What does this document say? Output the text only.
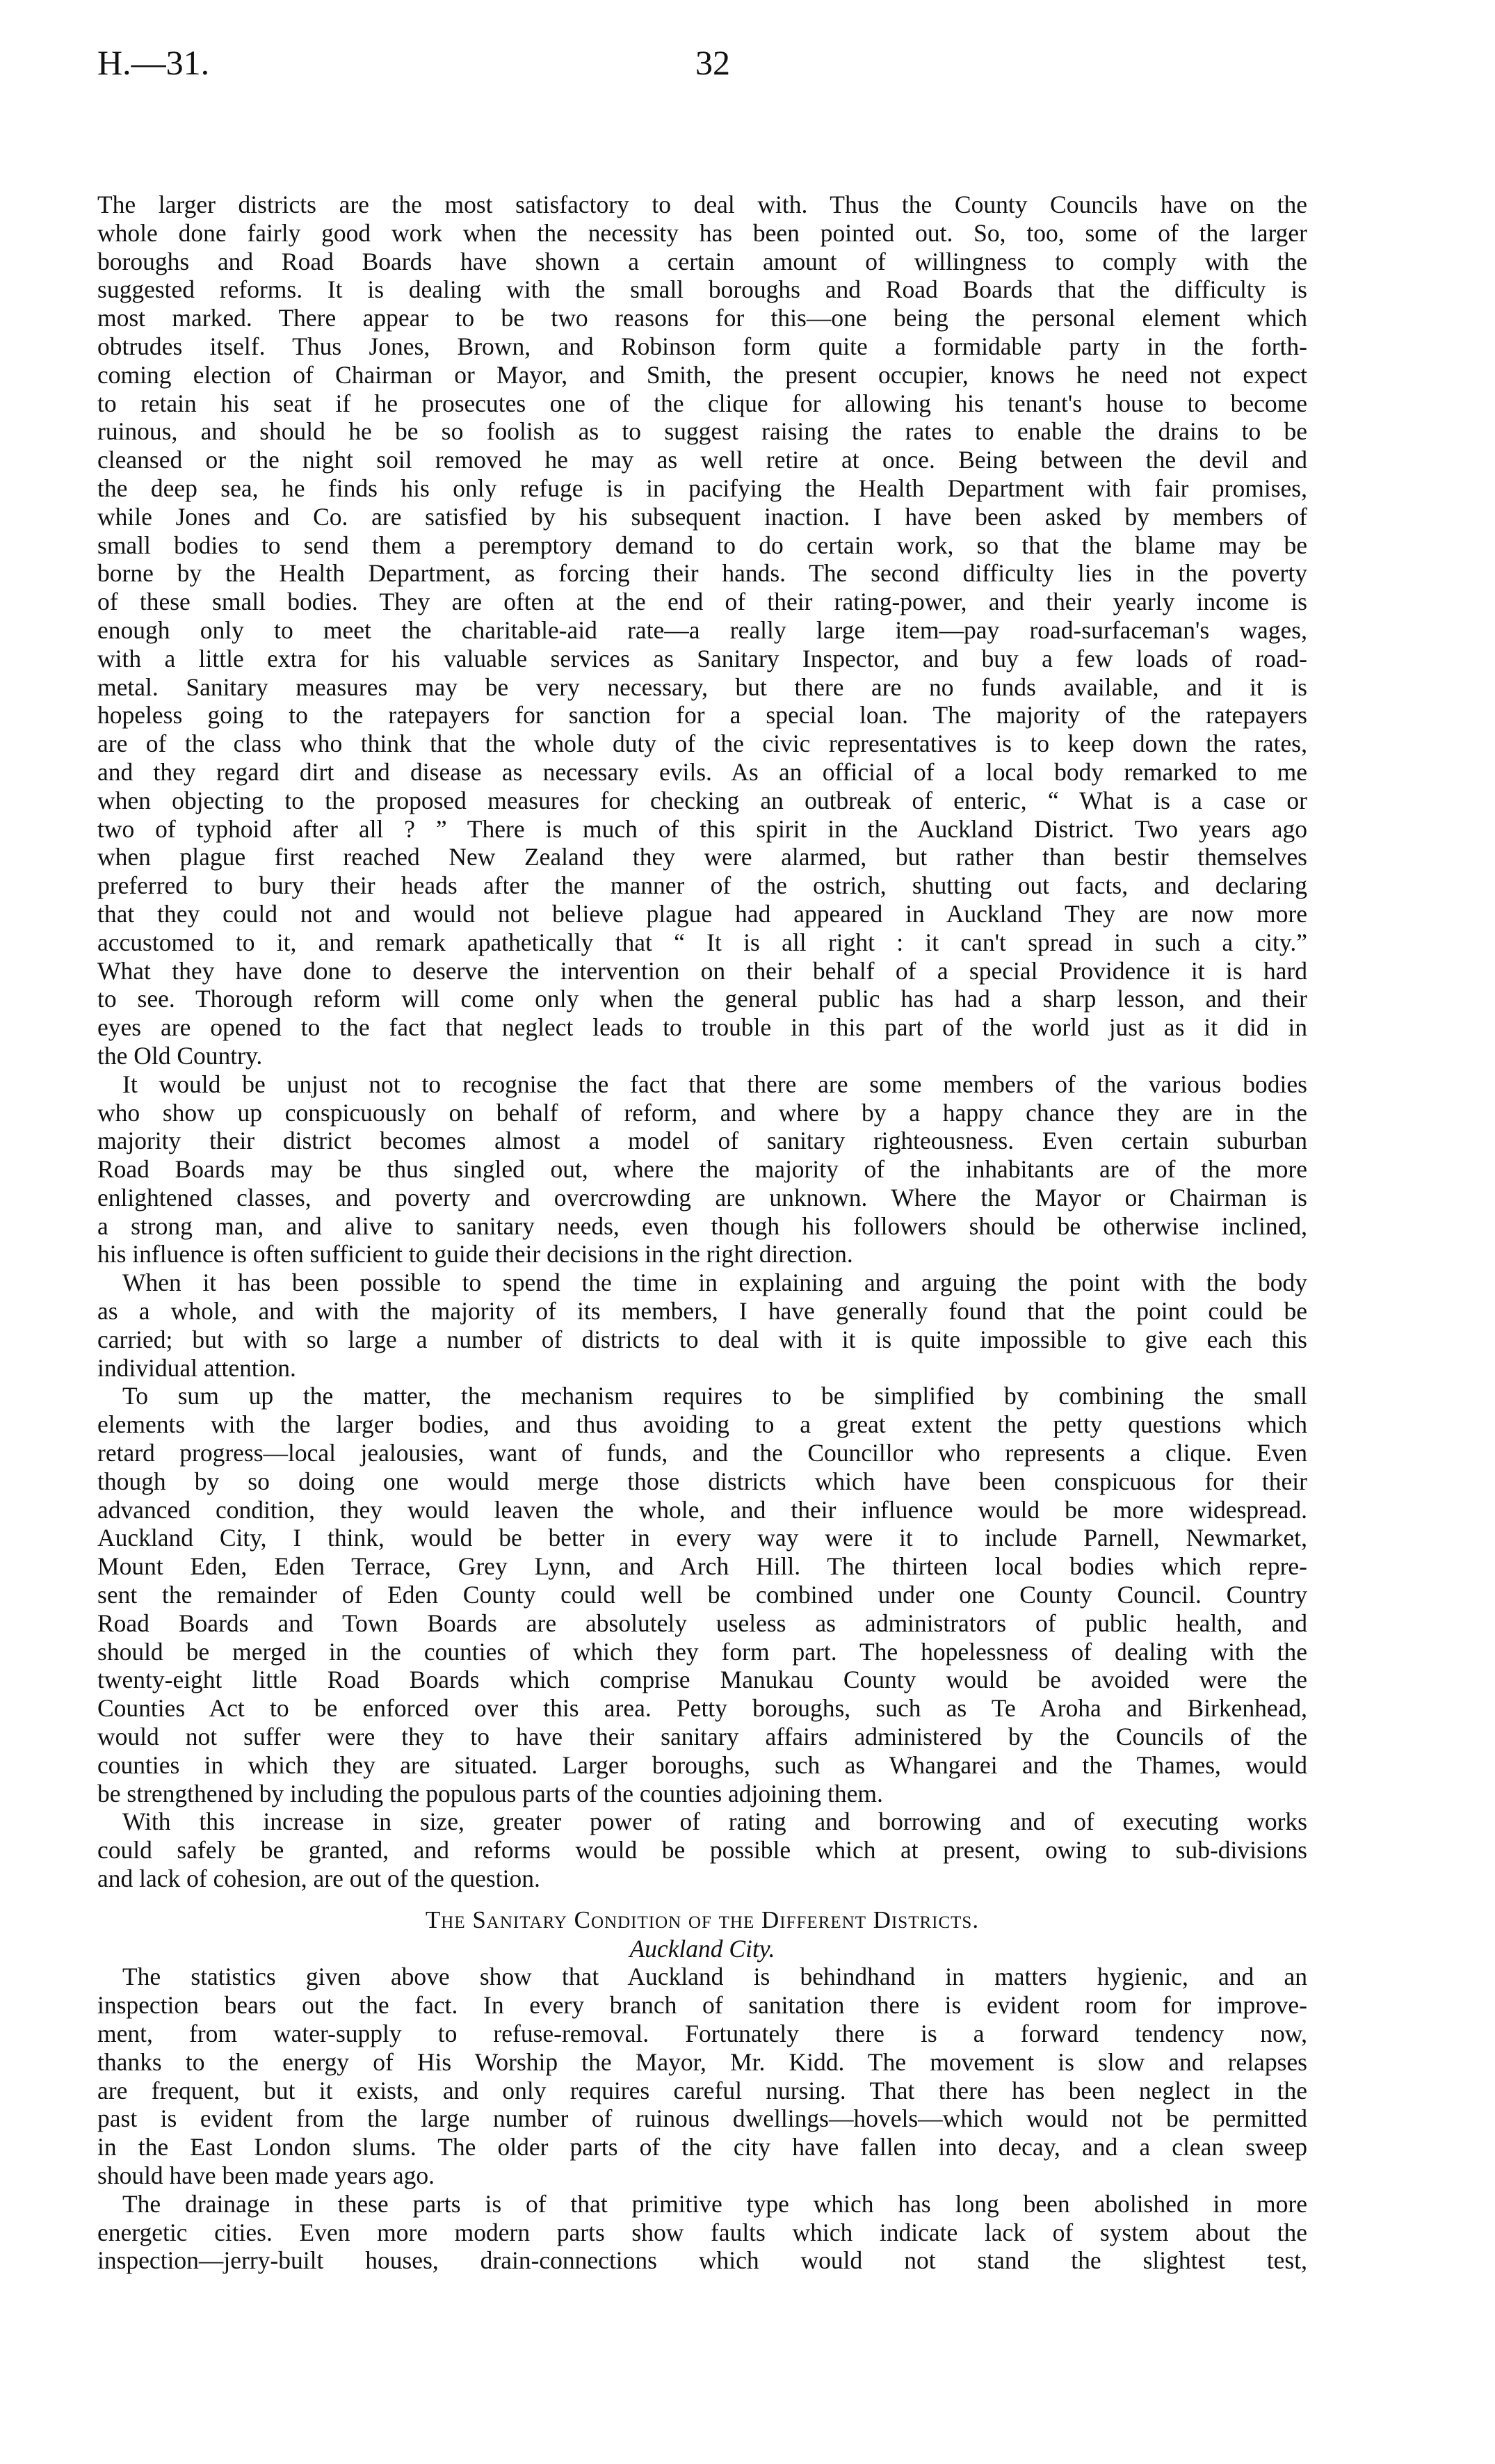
H.—31.	32
The larger districts are the most satisfactory to deal with. Thus the County Councils have on the
whole done fairly good work when the necessity has been pointed out. So, too, some of the larger
boroughs and Road Boards have shown a certain amount of willingness to comply with the
suggested reforms. It is dealing with the small boroughs and Road Boards that the difficulty is
most marked. There appear to be two reasons for this—one being the personal element which
obtrudes itself. Thus Jones, Brown, and Robinson form quite a formidable party in the forth-
coming election of Chairman or Mayor, and Smith, the present occupier, knows he need not expect
to retain his seat if he prosecutes one of the clique for allowing his tenant's house to become
ruinous, and should he be so foolish as to suggest raising the rates to enable the drains to be
cleansed or the night soil removed he may as well retire at once. Being between the devil and
the deep sea, he finds his only refuge is in pacifying the Health Department with fair promises,
while Jones and Co. are satisfied by his subsequent inaction. I have been asked by members of
small bodies to send them a peremptory demand to do certain work, so that the blame may be
borne by the Health Department, as forcing their hands. The second difficulty lies in the poverty
of these small bodies. They are often at the end of their rating-power, and their yearly income is
enough only to meet the charitable-aid rate—a really large item—pay road-surfaceman's wages,
with a little extra for his valuable services as Sanitary Inspector, and buy a few loads of road-
metal. Sanitary measures may be very necessary, but there are no funds available, and it is
hopeless going to the ratepayers for sanction for a special loan. The majority of the ratepayers
are of the class who think that the whole duty of the civic representatives is to keep down the rates,
and they regard dirt and disease as necessary evils. As an official of a local body remarked to me
when objecting to the proposed measures for checking an outbreak of enteric, “ What is a case or
two of typhoid after all ? ” There is much of this spirit in the Auckland District. Two years ago
when plague first reached New Zealand they were alarmed, but rather than bestir themselves
preferred to bury their heads after the manner of the ostrich, shutting out facts, and declaring
that they could not and would not believe plague had appeared in Auckland They are now more
accustomed to it, and remark apathetically that “ It is all right : it can't spread in such a city.”
What they have done to deserve the intervention on their behalf of a special Providence it is hard
to see. Thorough reform will come only when the general public has had a sharp lesson, and their
eyes are opened to the fact that neglect leads to trouble in this part of the world just as it did in
the Old Country.
It would be unjust not to recognise the fact that there are some members of the various bodies
who show up conspicuously on behalf of reform, and where by a happy chance they are in the
majority their district becomes almost a model of sanitary righteousness. Even certain suburban
Road Boards may be thus singled out, where the majority of the inhabitants are of the more
enlightened classes, and poverty and overcrowding are unknown. Where the Mayor or Chairman is
a strong man, and alive to sanitary needs, even though his followers should be otherwise inclined,
his influence is often sufficient to guide their decisions in the right direction.
When it has been possible to spend the time in explaining and arguing the point with the body
as a whole, and with the majority of its members, I have generally found that the point could be
carried; but with so large a number of districts to deal with it is quite impossible to give each this
individual attention.
To sum up the matter, the mechanism requires to be simplified by combining the small
elements with the larger bodies, and thus avoiding to a great extent the petty questions which
retard progress—local jealousies, want of funds, and the Councillor who represents a clique. Even
though by so doing one would merge those districts which have been conspicuous for their
advanced condition, they would leaven the whole, and their influence would be more widespread.
Auckland City, I think, would be better in every way were it to include Parnell, Newmarket,
Mount Eden, Eden Terrace, Grey Lynn, and Arch Hill. The thirteen local bodies which repre-
sent the remainder of Eden County could well be combined under one County Council. Country
Road Boards and Town Boards are absolutely useless as administrators of public health, and
should be merged in the counties of which they form part. The hopelessness of dealing with the
twenty-eight little Road Boards which comprise Manukau County would be avoided were the
Counties Act to be enforced over this area. Petty boroughs, such as Te Aroha and Birkenhead,
would not suffer were they to have their sanitary affairs administered by the Councils of the
counties in which they are situated. Larger boroughs, such as Whangarei and the Thames, would
be strengthened by including the populous parts of the counties adjoining them.
With this increase in size, greater power of rating and borrowing and of executing works
could safely be granted, and reforms would be possible which at present, owing to sub-divisions
and lack of cohesion, are out of the question.
The Sanitary Condition of the Different Districts.
Auckland City.
The statistics given above show that Auckland is behindhand in matters hygienic, and an
inspection bears out the fact. In every branch of sanitation there is evident room for improve-
ment, from water-supply to refuse-removal. Fortunately there is a forward tendency now,
thanks to the energy of His Worship the Mayor, Mr. Kidd. The movement is slow and relapses
are frequent, but it exists, and only requires careful nursing. That there has been neglect in the
past is evident from the large number of ruinous dwellings—hovels—which would not be permitted
in the East London slums. The older parts of the city have fallen into decay, and a clean sweep
should have been made years ago.
The drainage in these parts is of that primitive type which has long been abolished in more
energetic cities. Even more modern parts show faults which indicate lack of system about the
inspection—jerry-built houses, drain-connections which would not stand the slightest test,
